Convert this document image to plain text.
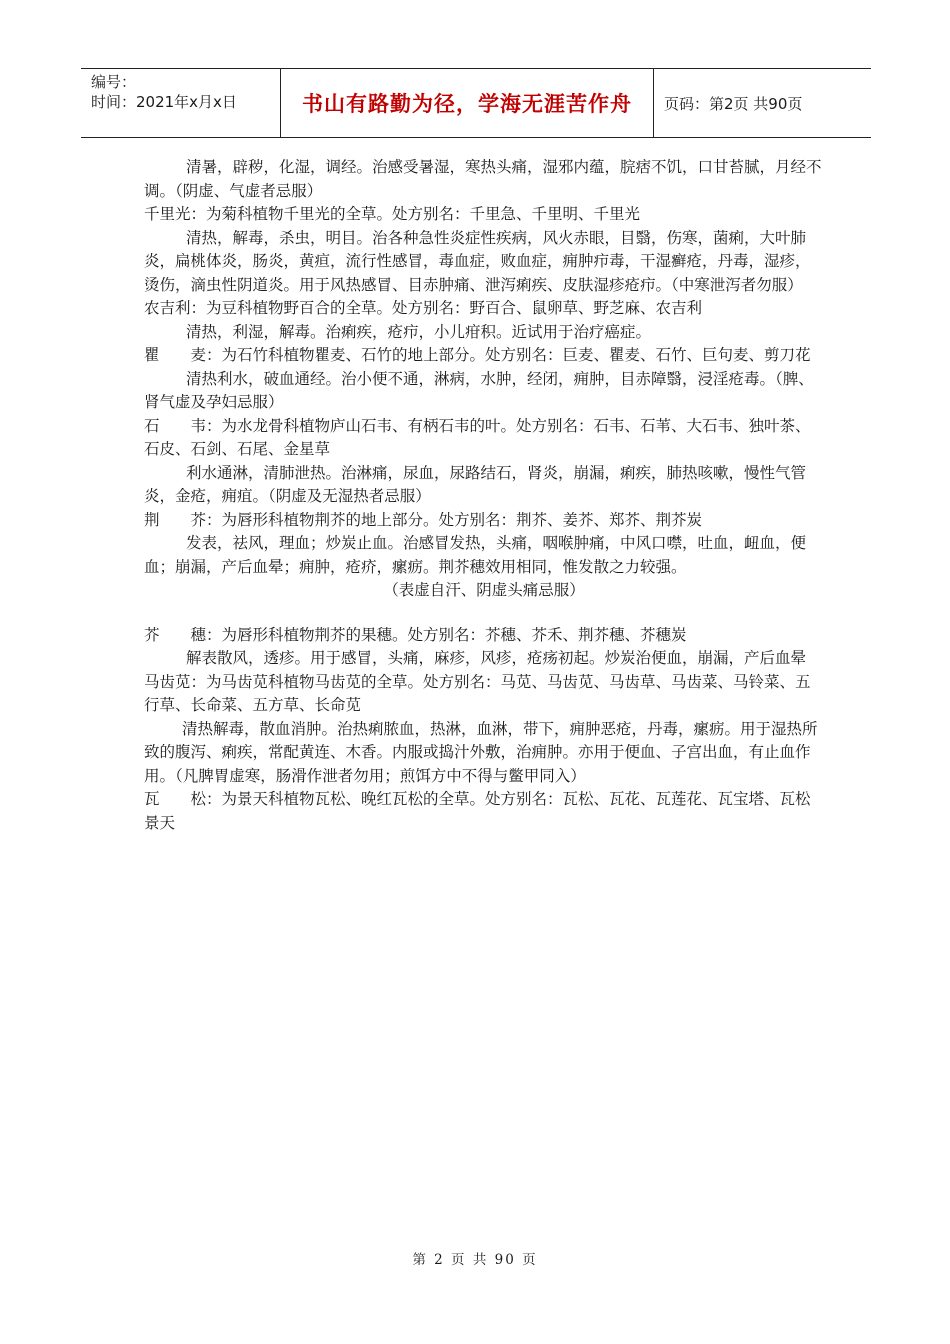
编号：
时间：2021年x月x日	书山有路勤为径，学海无涯苦作舟	页码：第2页 共90页

清暑，辟秽，化湿，调经。治感受暑湿，寒热头痛，湿邪内蕴，脘痞不饥，口甘苔腻，月经不调。（阴虚、气虚者忌服）

千里光：为菊科植物千里光的全草。处方别名：千里急、千里明、千里光

清热，解毒，杀虫，明目。治各种急性炎症性疾病，风火赤眼，目翳，伤寒，菌痢，大叶肺炎，扁桃体炎，肠炎，黄疸，流行性感冒，毒血症，败血症，痈肿疖毒，干湿癣疮，丹毒，湿疹，烫伤，滴虫性阴道炎。用于风热感冒、目赤肿痛、泄泻痢疾、皮肤湿疹疮疖。（中寒泄泻者勿服）

农吉利：为豆科植物野百合的全草。处方别名：野百合、鼠卵草、野芝麻、农吉利

清热，利湿，解毒。治痢疾，疮疖，小儿疳积。近试用于治疗癌症。

瞿　　麦：为石竹科植物瞿麦、石竹的地上部分。处方别名：巨麦、瞿麦、石竹、巨句麦、剪刀花

清热利水，破血通经。治小便不通，淋病，水肿，经闭，痈肿，目赤障翳，浸淫疮毒。（脾、肾气虚及孕妇忌服）

石　　韦：为水龙骨科植物庐山石韦、有柄石韦的叶。处方别名：石韦、石苇、大石韦、独叶茶、石皮、石剑、石尾、金星草

利水通淋，清肺泄热。治淋痛，尿血，尿路结石，肾炎，崩漏，痢疾，肺热咳嗽，慢性气管炎，金疮，痈疽。（阴虚及无湿热者忌服）

荆　　芥：为唇形科植物荆芥的地上部分。处方别名：荆芥、姜芥、郑芥、荆芥炭

发表，祛风，理血；炒炭止血。治感冒发热，头痛，咽喉肿痛，中风口噤，吐血，衄血，便血；崩漏，产后血晕；痈肿，疮疥，瘰疬。荆芥穗效用相同，惟发散之力较强。

（表虚自汗、阴虚头痛忌服）

芥　　穗：为唇形科植物荆芥的果穗。处方别名：芥穗、芥禾、荆芥穗、芥穗炭

解表散风，透疹。用于感冒，头痛，麻疹，风疹，疮疡初起。炒炭治便血，崩漏，产后血晕

马齿苋：为马齿苋科植物马齿苋的全草。处方别名：马苋、马齿苋、马齿草、马齿菜、马铃菜、五行草、长命菜、五方草、长命苋

清热解毒，散血消肿。治热痢脓血，热淋，血淋，带下，痈肿恶疮，丹毒，瘰疬。用于湿热所致的腹泻、痢疾，常配黄连、木香。内服或捣汁外敷，治痈肿。亦用于便血、子宫出血，有止血作用。（凡脾胃虚寒，肠滑作泄者勿用；煎饵方中不得与鳖甲同入）

瓦　　松：为景天科植物瓦松、晚红瓦松的全草。处方别名：瓦松、瓦花、瓦莲花、瓦宝塔、瓦松景天

第 2 页 共 90 页
